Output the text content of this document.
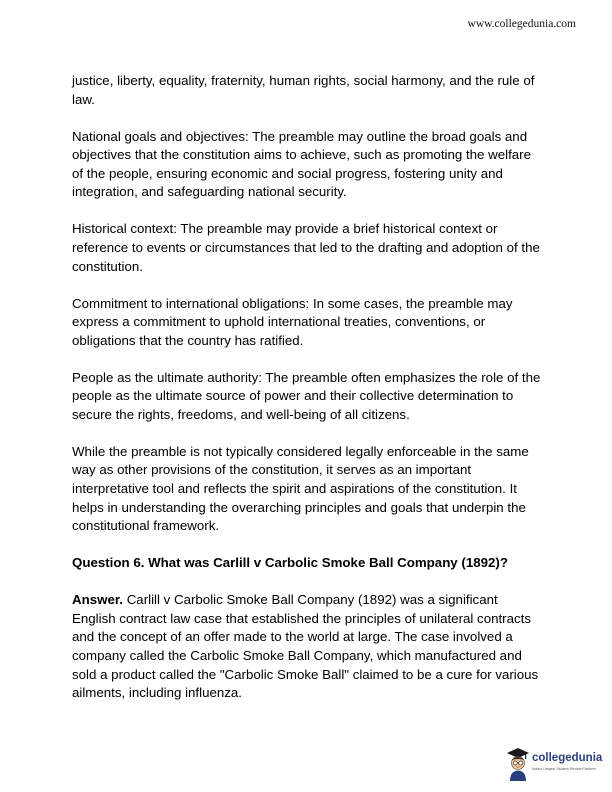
www.collegedunia.com

justice, liberty, equality, fraternity, human rights, social harmony, and the rule of law.

National goals and objectives: The preamble may outline the broad goals and objectives that the constitution aims to achieve, such as promoting the welfare of the people, ensuring economic and social progress, fostering unity and integration, and safeguarding national security.

Historical context: The preamble may provide a brief historical context or reference to events or circumstances that led to the drafting and adoption of the constitution.

Commitment to international obligations: In some cases, the preamble may express a commitment to uphold international treaties, conventions, or obligations that the country has ratified.

People as the ultimate authority: The preamble often emphasizes the role of the people as the ultimate source of power and their collective determination to secure the rights, freedoms, and well-being of all citizens.

While the preamble is not typically considered legally enforceable in the same way as other provisions of the constitution, it serves as an important interpretative tool and reflects the spirit and aspirations of the constitution. It helps in understanding the overarching principles and goals that underpin the constitutional framework.

Question 6. What was Carlill v Carbolic Smoke Ball Company (1892)?

Answer. Carlill v Carbolic Smoke Ball Company (1892) was a significant English contract law case that established the principles of unilateral contracts and the concept of an offer made to the world at large. The case involved a company called the Carbolic Smoke Ball Company, which manufactured and sold a product called the "Carbolic Smoke Ball" claimed to be a cure for various ailments, including influenza.

collegedunia
India's Largest Student Review Platform
